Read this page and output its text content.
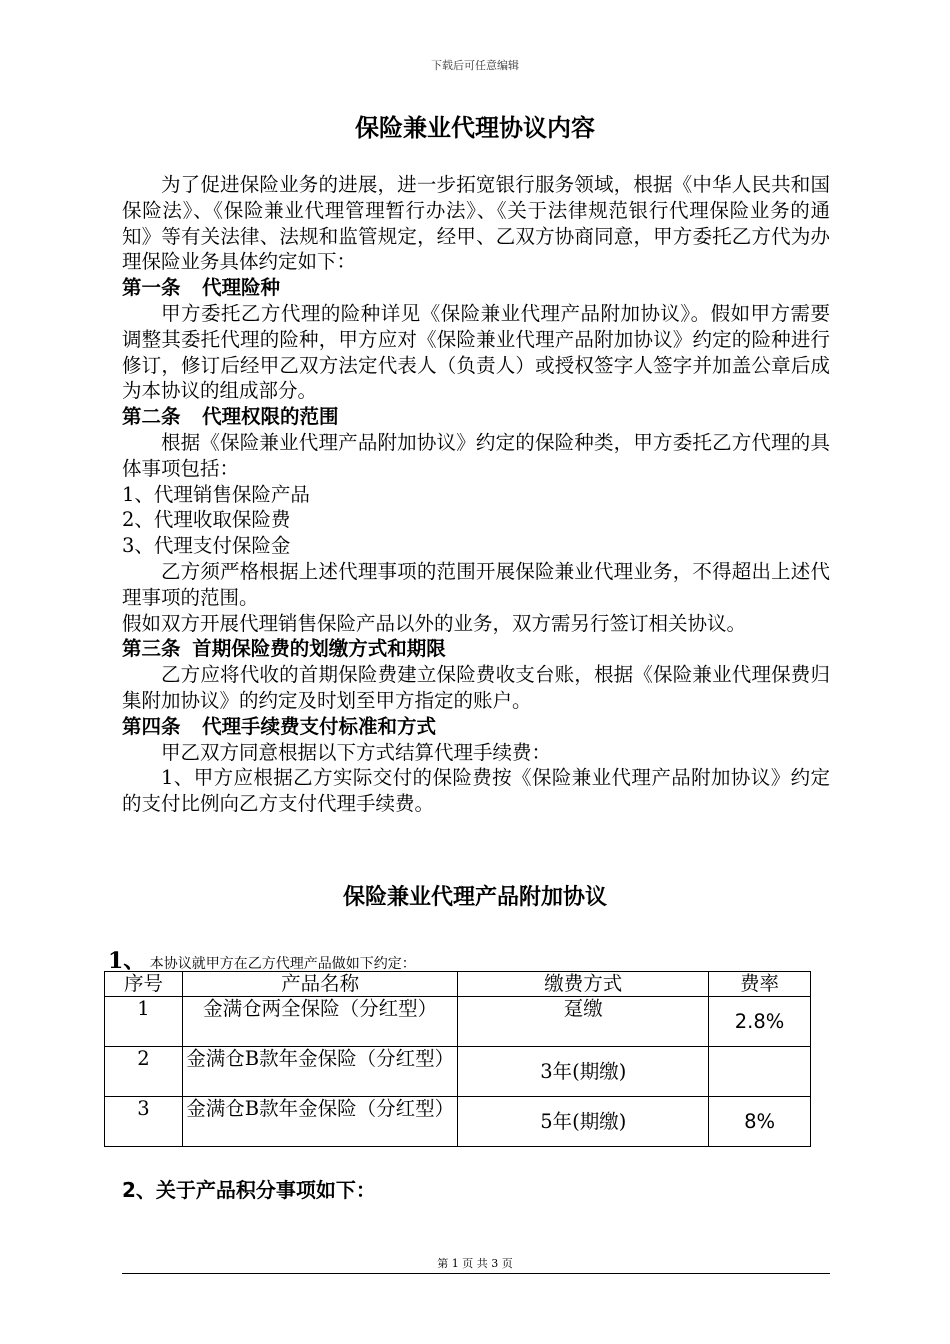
下载后可任意编辑
保险兼业代理协议内容

为了促进保险业务的进展，进一步拓宽银行服务领域，根据《中华人民共和国保险法》、《保险兼业代理管理暂行办法》、《关于法律规范银行代理保险业务的通知》等有关法律、法规和监管规定，经甲、乙双方协商同意，甲方委托乙方代为办理保险业务具体约定如下：

第一条 代理险种

甲方委托乙方代理的险种详见《保险兼业代理产品附加协议》。假如甲方需要调整其委托代理的险种，甲方应对《保险兼业代理产品附加协议》约定的险种进行修订，修订后经甲乙双方法定代表人（负责人）或授权签字人签字并加盖公章后成为本协议的组成部分。

第二条 代理权限的范围

根据《保险兼业代理产品附加协议》约定的保险种类，甲方委托乙方代理的具体事项包括：

1、代理销售保险产品

2、代理收取保险费

3、代理支付保险金

乙方须严格根据上述代理事项的范围开展保险兼业代理业务，不得超出上述代理事项的范围。

假如双方开展代理销售保险产品以外的业务，双方需另行签订相关协议。

第三条 首期保险费的划缴方式和期限

乙方应将代收的首期保险费建立保险费收支台账，根据《保险兼业代理保费归集附加协议》的约定及时划至甲方指定的账户。

第四条 代理手续费支付标准和方式

甲乙双方同意根据以下方式结算代理手续费：

1、甲方应根据乙方实际交付的保险费按《保险兼业代理产品附加协议》约定的支付比例向乙方支付代理手续费。

保险兼业代理产品附加协议
1、 本协议就甲方在乙方代理产品做如下约定：
序号	产品名称	缴费方式	费率
1	金满仓两全保险（分红型）	趸缴	2.8%
2	金满仓B款年金保险（分红型）	3年(期缴)	
3	金满仓B款年金保险（分红型）	5年(期缴)	8%
2、关于产品积分事项如下：
第 1 页 共 3 页
